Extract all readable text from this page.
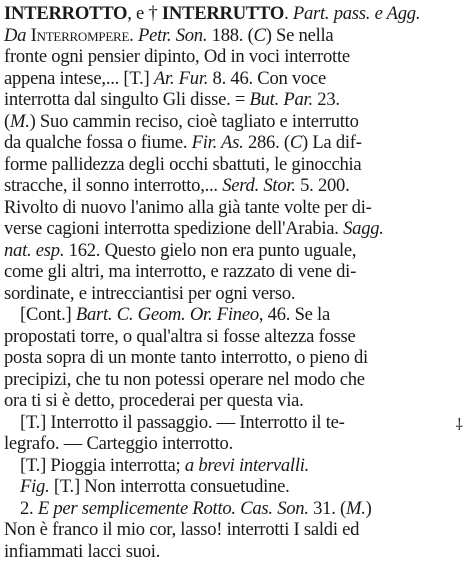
INTERROTTO, e † INTERRUTTO. Part. pass. e Agg.
Da Interrompere. Petr. Son. 188. (C) Se nella
fronte ogni pensier dipinto, Od in voci interrotte
appena intese,... [T.] Ar. Fur. 8. 46. Con voce
interrotta dal singulto Gli disse. = But. Par. 23.
(M.) Suo cammin reciso, cioè tagliato e interrutto
da qualche fossa o fiume. Fir. As. 286. (C) La dif-
forme pallidezza degli occhi sbattuti, le ginocchia
stracche, il sonno interrotto,... Serd. Stor. 5. 200.
Rivolto di nuovo l'animo alla già tante volte per di-
verse cagioni interrotta spedizione dell'Arabia. Sagg.
nat. esp. 162. Questo gielo non era punto uguale,
come gli altri, ma interrotto, e razzato di vene di-
sordinate, e intrecciantisi per ogni verso.
[Cont.] Bart. C. Geom. Or. Fineo, 46. Se la
propostati torre, o qual'altra si fosse altezza fosse
posta sopra di un monte tanto interrotto, o pieno di
precipizi, che tu non potessi operare nel modo che
ora ti si è detto, procederai per questa via.
[T.] Interrotto il passaggio. — Interrotto il te-
legrafo. — Carteggio interrotto.
[T.] Pioggia interrotta; a brevi intervalli.
Fig. [T.] Non interrotta consuetudine.
2. E per semplicemente Rotto. Cas. Son. 31. (M.)
Non è franco il mio cor, lasso! interrotti I saldi ed
infiammati lacci suoi.
⸸
